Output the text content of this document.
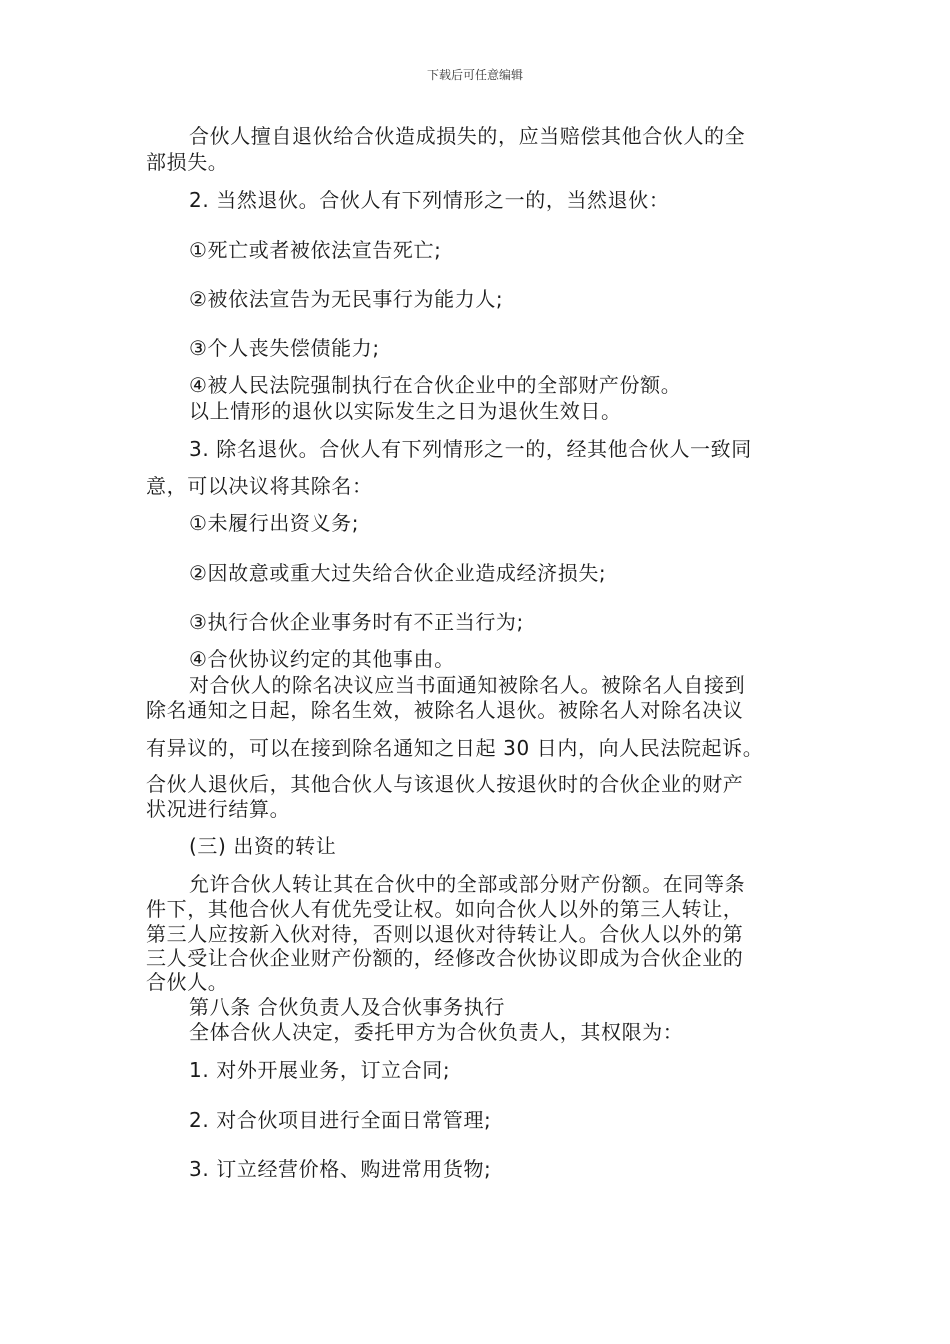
下载后可任意编辑
合伙人擅自退伙给合伙造成损失的，应当赔偿其他合伙人的全
部损失。
2. 当然退伙。合伙人有下列情形之一的，当然退伙：
①死亡或者被依法宣告死亡;
②被依法宣告为无民事行为能力人;
③个人丧失偿债能力;
④被人民法院强制执行在合伙企业中的全部财产份额。
以上情形的退伙以实际发生之日为退伙生效日。
3. 除名退伙。合伙人有下列情形之一的，经其他合伙人一致同
意，可以决议将其除名：
①未履行出资义务;
②因故意或重大过失给合伙企业造成经济损失;
③执行合伙企业事务时有不正当行为;
④合伙协议约定的其他事由。
对合伙人的除名决议应当书面通知被除名人。被除名人自接到
除名通知之日起，除名生效，被除名人退伙。被除名人对除名决议
有异议的，可以在接到除名通知之日起 30 日内，向人民法院起诉。
合伙人退伙后，其他合伙人与该退伙人按退伙时的合伙企业的财产
状况进行结算。
(三) 出资的转让
允许合伙人转让其在合伙中的全部或部分财产份额。在同等条
件下，其他合伙人有优先受让权。如向合伙人以外的第三人转让，
第三人应按新入伙对待，否则以退伙对待转让人。合伙人以外的第
三人受让合伙企业财产份额的，经修改合伙协议即成为合伙企业的
合伙人。
第八条 合伙负责人及合伙事务执行
全体合伙人决定，委托甲方为合伙负责人，其权限为：
1. 对外开展业务，订立合同;
2. 对合伙项目进行全面日常管理;
3. 订立经营价格、购进常用货物;
